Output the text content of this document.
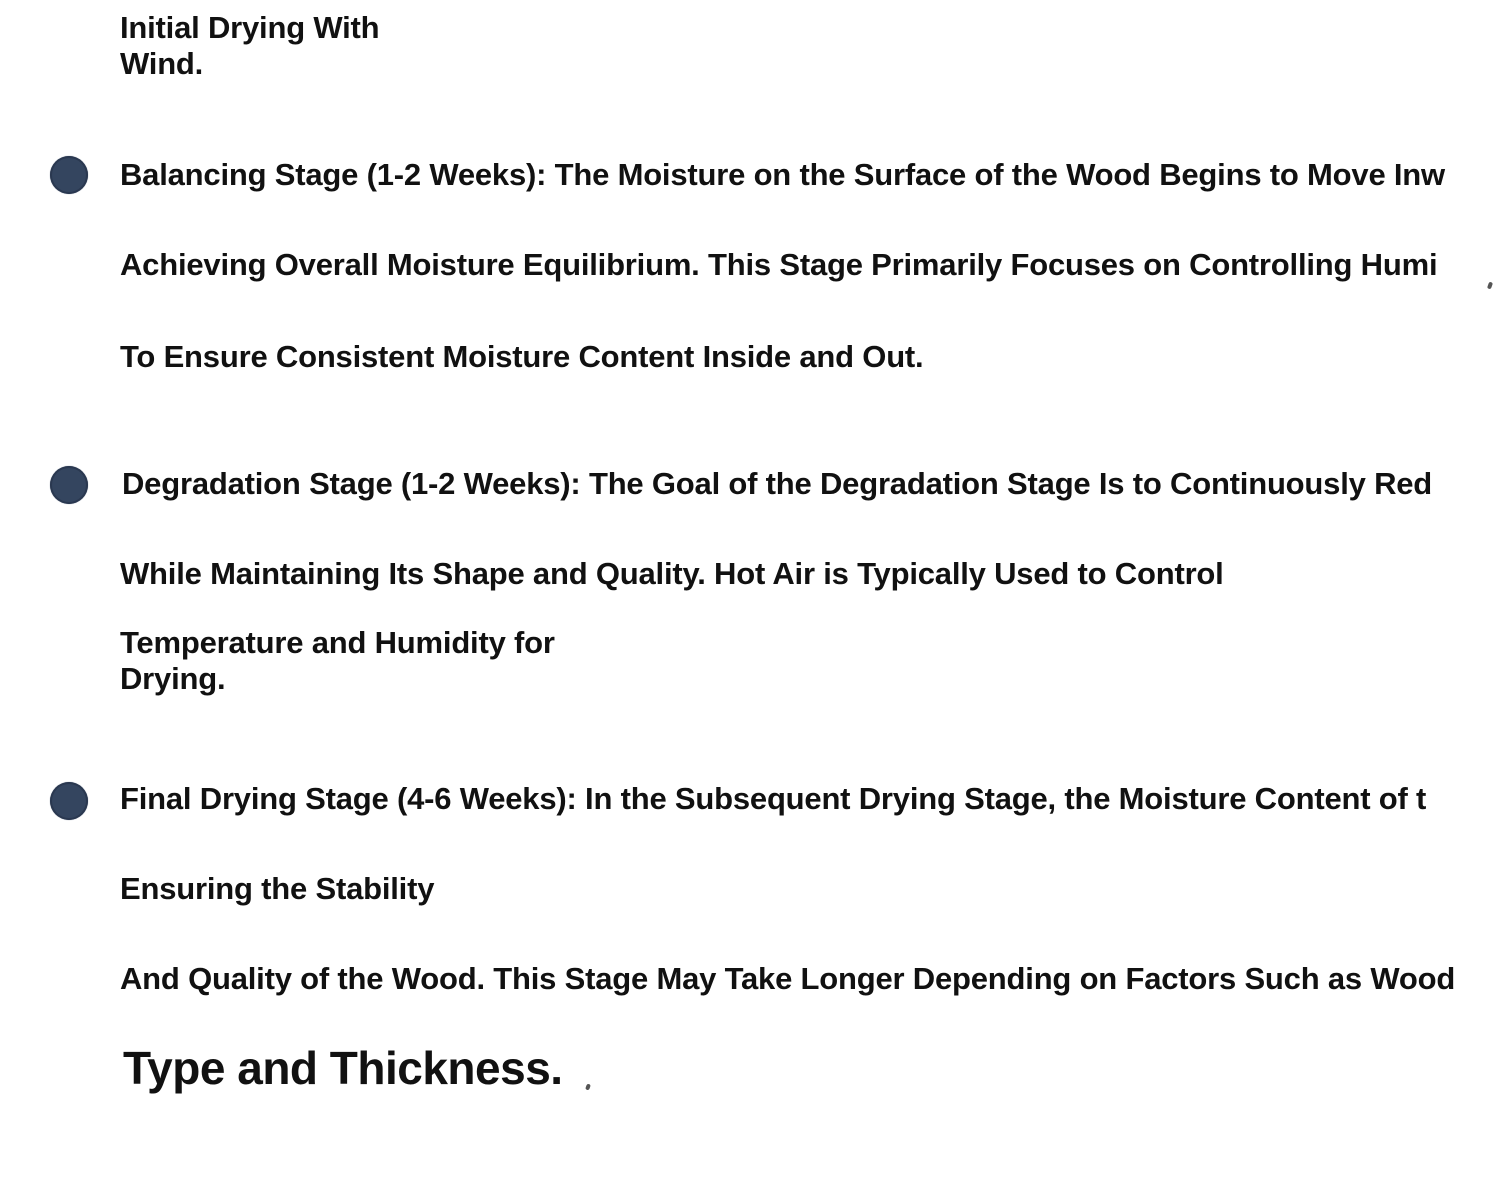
Initial Drying With
Wind.
Balancing Stage (1-2 Weeks): The Moisture on the Surface of the Wood Begins to Move Inw
Achieving Overall Moisture Equilibrium. This Stage Primarily Focuses on Controlling Humi
To Ensure Consistent Moisture Content Inside and Out.
Degradation Stage (1-2 Weeks): The Goal of the Degradation Stage Is to Continuously Red
While Maintaining Its Shape and Quality. Hot Air is Typically Used to Control
Temperature and Humidity for
Drying.
Final Drying Stage (4-6 Weeks): In the Subsequent Drying Stage, the Moisture Content of t
Ensuring the Stability
And Quality of the Wood. This Stage May Take Longer Depending on Factors Such as Wood
Type and Thickness.
